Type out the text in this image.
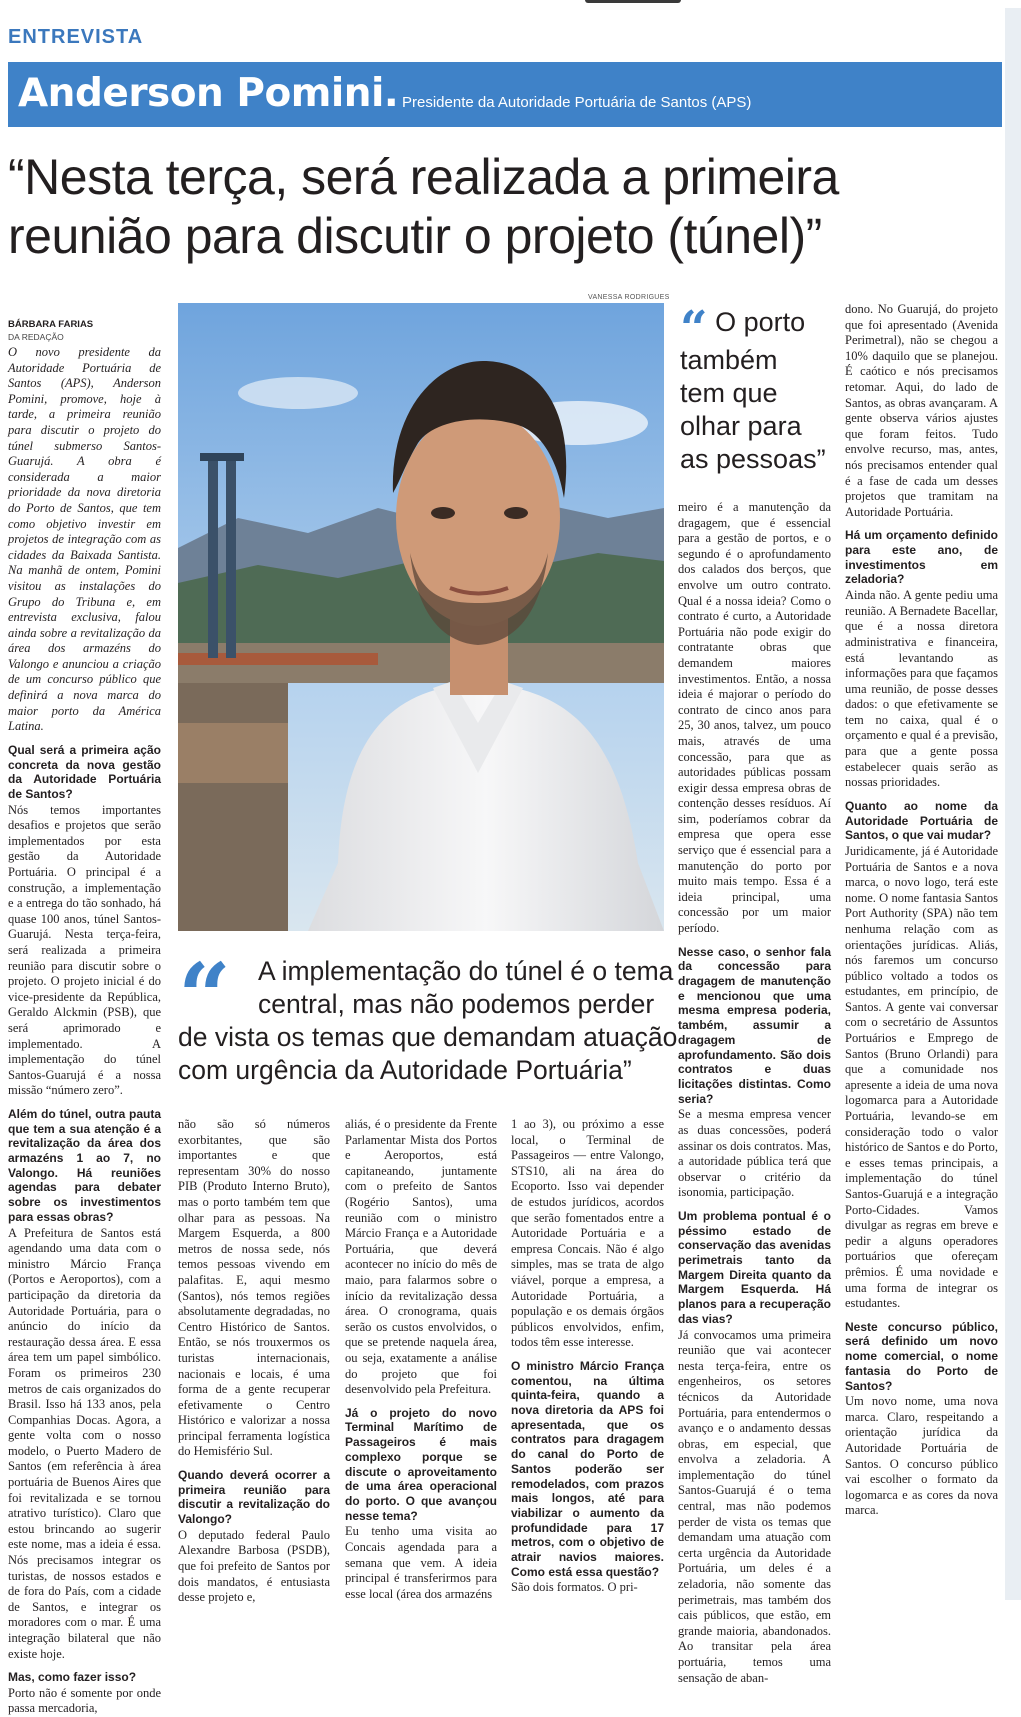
ENTREVISTA
Anderson Pomini. Presidente da Autoridade Portuária de Santos (APS)
“Nesta terça, será realizada a primeira
reunião para discutir o projeto (túnel)”
BÁRBARA FARIAS
DA REDAÇÃO

O novo presidente da Autoridade Portuária de Santos (APS), Anderson Pomini, promove, hoje à tarde, a primeira reunião para discutir o projeto do túnel submerso Santos-Guarujá. A obra é considerada a maior prioridade da nova diretoria do Porto de Santos, que tem como objetivo investir em projetos de integração com as cidades da Baixada Santista. Na manhã de ontem, Pomini visitou as instalações do Grupo do Tribuna e, em entrevista exclusiva, falou ainda sobre a revitalização da área dos armazéns do Valongo e anunciou a criação de um concurso público que definirá a nova marca do maior porto da América Latina.

Qual será a primeira ação concreta da nova gestão da Autoridade Portuária de Santos?

Nós temos importantes desafios e projetos que serão implementados por esta gestão da Autoridade Portuária. O principal é a construção, a implementação e a entrega do tão sonhado, há quase 100 anos, túnel Santos-Guarujá. Nesta terça-feira, será realizada a primeira reunião para discutir sobre o projeto. O projeto inicial é do vice-presidente da República, Geraldo Alckmin (PSB), que será aprimorado e implementado. A implementação do túnel Santos-Guarujá é a nossa missão “número zero”.

Além do túnel, outra pauta que tem a sua atenção é a revitalização da área dos armazéns 1 ao 7, no Valongo. Há reuniões agendas para debater sobre os investimentos para essas obras?

A Prefeitura de Santos está agendando uma data com o ministro Márcio França (Portos e Aeroportos), com a participação da diretoria da Autoridade Portuária, para o anúncio do início da restauração dessa área. E essa área tem um papel simbólico. Foram os primeiros 230 metros de cais organizados do Brasil. Isso há 133 anos, pela Companhias Docas. Agora, a gente volta com o nosso modelo, o Puerto Madero de Santos (em referência à área portuária de Buenos Aires que foi revitalizada e se tornou atrativo turístico). Claro que estou brincando ao sugerir este nome, mas a ideia é essa. Nós precisamos integrar os turistas, de nossos estados e de fora do País, com a cidade de Santos, e integrar os moradores com o mar. É uma integração bilateral que não existe hoje.

Mas, como fazer isso?

Porto não é somente por onde passa mercadoria,

VANESSA RODRIGUES
“ O porto
também
tem que
olhar para
as pessoas”
“	A implementação do túnel é o tema
central, mas não podemos perder
de vista os temas que demandam atuação
com urgência da Autoridade Portuária”

não são só números exorbitantes, que são importantes e que representam 30% do nosso PIB (Produto Interno Bruto), mas o porto também tem que olhar para as pessoas. Na Margem Esquerda, a 800 metros de nossa sede, nós temos pessoas vivendo em palafitas. E, aqui mesmo (Santos), nós temos regiões absolutamente degradadas, no Centro Histórico de Santos. Então, se nós trouxermos os turistas internacionais, nacionais e locais, é uma forma de a gente recuperar efetivamente o Centro Histórico e valorizar a nossa principal ferramenta logística do Hemisfério Sul.

Quando deverá ocorrer a primeira reunião para discutir a revitalização do Valongo?

O deputado federal Paulo Alexandre Barbosa (PSDB), que foi prefeito de Santos por dois mandatos, é entusiasta desse projeto e,

aliás, é o presidente da Frente Parlamentar Mista dos Portos e Aeroportos, está capitaneando, juntamente com o prefeito de Santos (Rogério Santos), uma reunião com o ministro Márcio França e a Autoridade Portuária, que deverá acontecer no início do mês de maio, para falarmos sobre o início da revitalização dessa área. O cronograma, quais serão os custos envolvidos, o que se pretende naquela área, ou seja, exatamente a análise do projeto que foi desenvolvido pela Prefeitura.

Já o projeto do novo Terminal Marítimo de Passageiros é mais complexo porque se discute o aproveitamento de uma área operacional do porto. O que avançou nesse tema?

Eu tenho uma visita ao Concais agendada para a semana que vem. A ideia principal é transferirmos para esse local (área dos armazéns

1 ao 3), ou próximo a esse local, o Terminal de Passageiros — entre Valongo, STS10, ali na área do Ecoporto. Isso vai depender de estudos jurídicos, acordos que serão fomentados entre a Autoridade Portuária e a empresa Concais. Não é algo simples, mas se trata de algo viável, porque a empresa, a Autoridade Portuária, a população e os demais órgãos públicos envolvidos, enfim, todos têm esse interesse.

O ministro Márcio França comentou, na última quinta-feira, quando a nova diretoria da APS foi apresentada, que os contratos para dragagem do canal do Porto de Santos poderão ser remodelados, com prazos mais longos, até para viabilizar o aumento da profundidade para 17 metros, com o objetivo de atrair navios maiores. Como está essa questão?

São dois formatos. O pri-

meiro é a manutenção da dragagem, que é essencial para a gestão de portos, e o segundo é o aprofundamento dos calados dos berços, que envolve um outro contrato. Qual é a nossa ideia? Como o contrato é curto, a Autoridade Portuária não pode exigir do contratante obras que demandem maiores investimentos. Então, a nossa ideia é majorar o período do contrato de cinco anos para 25, 30 anos, talvez, um pouco mais, através de uma concessão, para que as autoridades públicas possam exigir dessa empresa obras de contenção desses resíduos. Aí sim, poderíamos cobrar da empresa que opera esse serviço que é essencial para a manutenção do porto por muito mais tempo. Essa é a ideia principal, uma concessão por um maior período.

Nesse caso, o senhor fala da concessão para dragagem de manutenção e mencionou que uma mesma empresa poderia, também, assumir a dragagem de aprofundamento. São dois contratos e duas licitações distintas. Como seria?

Se a mesma empresa vencer as duas concessões, poderá assinar os dois contratos. Mas, a autoridade pública terá que observar o critério da isonomia, participação.

Um problema pontual é o péssimo estado de conservação das avenidas perimetrais tanto da Margem Direita quanto da Margem Esquerda. Há planos para a recuperação das vias?

Já convocamos uma primeira reunião que vai acontecer nesta terça-feira, entre os engenheiros, os setores técnicos da Autoridade Portuária, para entendermos o avanço e o andamento dessas obras, em especial, que envolva a zeladoria. A implementação do túnel Santos-Guarujá é o tema central, mas não podemos perder de vista os temas que demandam uma atuação com certa urgência da Autoridade Portuária, um deles é a zeladoria, não somente das perimetrais, mas também dos cais públicos, que estão, em grande maioria, abandonados. Ao transitar pela área portuária, temos uma sensação de aban-

dono. No Guarujá, do projeto que foi apresentado (Avenida Perimetral), não se chegou a 10% daquilo que se planejou. É caótico e nós precisamos retomar. Aqui, do lado de Santos, as obras avançaram. A gente observa vários ajustes que foram feitos. Tudo envolve recurso, mas, antes, nós precisamos entender qual é a fase de cada um desses projetos que tramitam na Autoridade Portuária.

Há um orçamento definido para este ano, de investimentos em zeladoria?

Ainda não. A gente pediu uma reunião. A Bernadete Bacellar, que é a nossa diretora administrativa e financeira, está levantando as informações para que façamos uma reunião, de posse desses dados: o que efetivamente se tem no caixa, qual é o orçamento e qual é a previsão, para que a gente possa estabelecer quais serão as nossas prioridades.

Quanto ao nome da Autoridade Portuária de Santos, o que vai mudar?

Juridicamente, já é Autoridade Portuária de Santos e a nova marca, o novo logo, terá este nome. O nome fantasia Santos Port Authority (SPA) não tem nenhuma relação com as orientações jurídicas. Aliás, nós faremos um concurso público voltado a todos os estudantes, em princípio, de Santos. A gente vai conversar com o secretário de Assuntos Portuários e Emprego de Santos (Bruno Orlandi) para que a comunidade nos apresente a ideia de uma nova logomarca para a Autoridade Portuária, levando-se em consideração todo o valor histórico de Santos e do Porto, e esses temas principais, a implementação do túnel Santos-Guarujá e a integração Porto-Cidades. Vamos divulgar as regras em breve e pedir a alguns operadores portuários que ofereçam prêmios. É uma novidade e uma forma de integrar os estudantes.

Neste concurso público, será definido um novo nome comercial, o nome fantasia do Porto de Santos?

Um novo nome, uma nova marca. Claro, respeitando a orientação jurídica da Autoridade Portuária de Santos. O concurso público vai escolher o formato da logomarca e as cores da nova marca.
